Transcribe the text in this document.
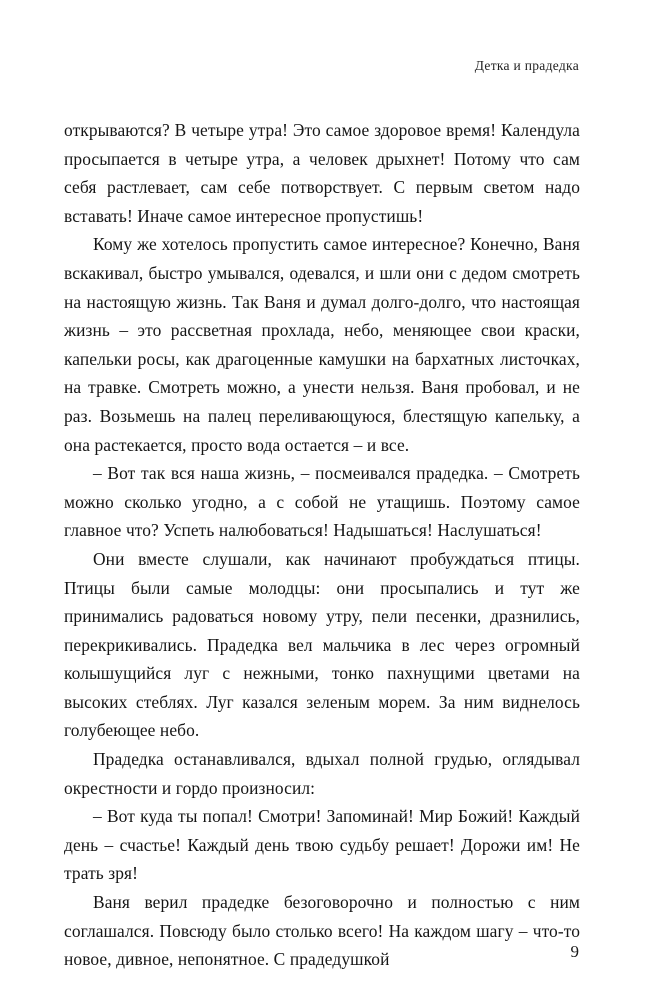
Детка и прадедка

открываются? В четыре утра! Это самое здоровое время! Календула просыпается в четыре утра, а человек дрыхнет! Потому что сам себя растлевает, сам себе потворствует. С первым светом надо вставать! Иначе самое интересное пропустишь!

Кому же хотелось пропустить самое интересное? Конечно, Ваня вскакивал, быстро умывался, одевался, и шли они с дедом смотреть на настоящую жизнь. Так Ваня и думал долго-долго, что настоящая жизнь – это рассветная прохлада, небо, меняющее свои краски, капельки росы, как драгоценные камушки на бархатных листочках, на травке. Смотреть можно, а унести нельзя. Ваня пробовал, и не раз. Возьмешь на палец переливающуюся, блестящую капельку, а она растекается, просто вода остается – и все.

– Вот так вся наша жизнь, – посмеивался прадедка. – Смотреть можно сколько угодно, а с собой не утащишь. Поэтому самое главное что? Успеть налюбоваться! Надышаться! Наслушаться!

Они вместе слушали, как начинают пробуждаться птицы. Птицы были самые молодцы: они просыпались и тут же принимались радоваться новому утру, пели песенки, дразнились, перекрикивались. Прадедка вел мальчика в лес через огромный колышущийся луг с нежными, тонко пахнущими цветами на высоких стеблях. Луг казался зеленым морем. За ним виднелось голубеющее небо.

Прадедка останавливался, вдыхал полной грудью, оглядывал окрестности и гордо произносил:

– Вот куда ты попал! Смотри! Запоминай! Мир Божий! Каждый день – счастье! Каждый день твою судьбу решает! Дорожи им! Не трать зря!

Ваня верил прадедке безоговорочно и полностью с ним соглашался. Повсюду было столько всего! На каждом шагу – что-то новое, дивное, непонятное. С прадедушкой	9
